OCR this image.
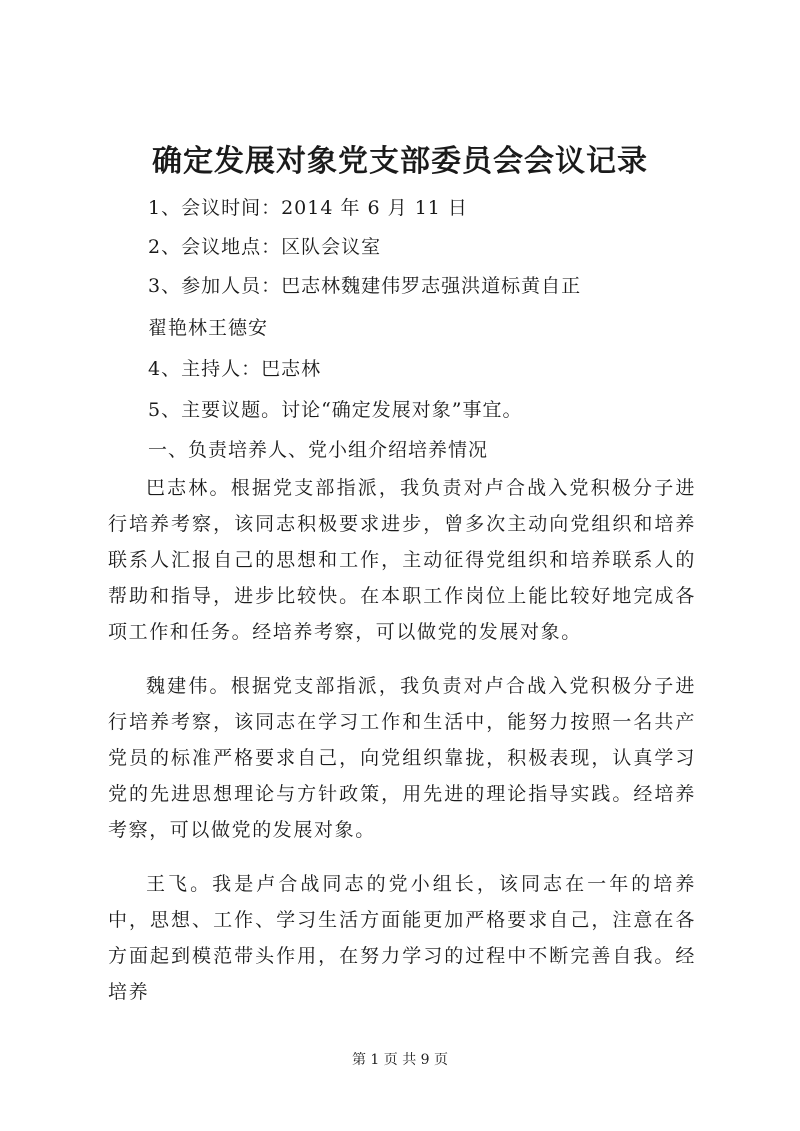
确定发展对象党支部委员会会议记录
1、会议时间：2014 年 6 月 11 日
2、会议地点：区队会议室
3、参加人员：巴志林魏建伟罗志强洪道标黄自正
翟艳林王德安
4、主持人：巴志林
5、主要议题。讨论“确定发展对象”事宜。
一、负责培养人、党小组介绍培养情况

巴志林。根据党支部指派，我负责对卢合战入党积极分子进行培养考察，该同志积极要求进步，曾多次主动向党组织和培养联系人汇报自己的思想和工作，主动征得党组织和培养联系人的帮助和指导，进步比较快。在本职工作岗位上能比较好地完成各项工作和任务。经培养考察，可以做党的发展对象。

魏建伟。根据党支部指派，我负责对卢合战入党积极分子进行培养考察，该同志在学习工作和生活中，能努力按照一名共产党员的标准严格要求自己，向党组织靠拢，积极表现，认真学习党的先进思想理论与方针政策，用先进的理论指导实践。经培养考察，可以做党的发展对象。

王飞。我是卢合战同志的党小组长，该同志在一年的培养中，思想、工作、学习生活方面能更加严格要求自己，注意在各方面起到模范带头作用，在努力学习的过程中不断完善自我。经培养

第 1 页 共 9 页
